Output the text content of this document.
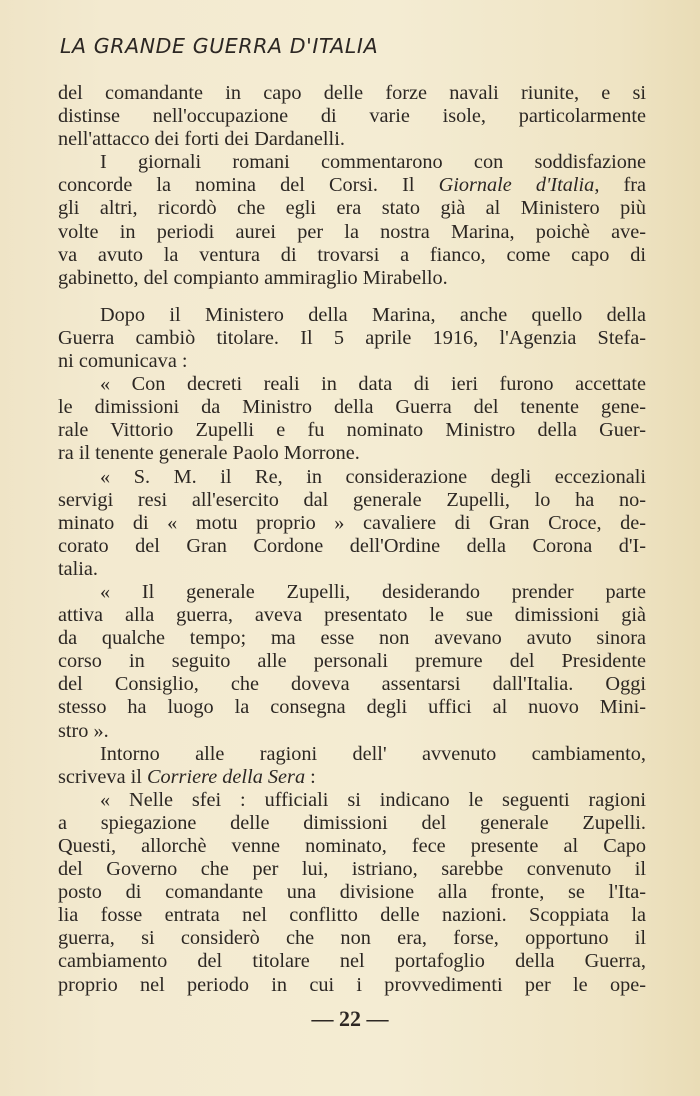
LA GRANDE GUERRA D'ITALIA
del comandante in capo delle forze navali riunite, e si
distinse nell'occupazione di varie isole, particolarmente
nell'attacco dei forti dei Dardanelli.
I giornali romani commentarono con soddisfazione
concorde la nomina del Corsi. Il Giornale d'Italia, fra
gli altri, ricordò che egli era stato già al Ministero più
volte in periodi aurei per la nostra Marina, poichè ave-
va avuto la ventura di trovarsi a fianco, come capo di
gabinetto, del compianto ammiraglio Mirabello.
Dopo il Ministero della Marina, anche quello della
Guerra cambiò titolare. Il 5 aprile 1916, l'Agenzia Stefa-
ni comunicava :
« Con decreti reali in data di ieri furono accettate
le dimissioni da Ministro della Guerra del tenente gene-
rale Vittorio Zupelli e fu nominato Ministro della Guer-
ra il tenente generale Paolo Morrone.
« S. M. il Re, in considerazione degli eccezionali
servigi resi all'esercito dal generale Zupelli, lo ha no-
minato di « motu proprio » cavaliere di Gran Croce, de-
corato del Gran Cordone dell'Ordine della Corona d'I-
talia.
« Il generale Zupelli, desiderando prender parte
attiva alla guerra, aveva presentato le sue dimissioni già
da qualche tempo; ma esse non avevano avuto sinora
corso in seguito alle personali premure del Presidente
del Consiglio, che doveva assentarsi dall'Italia. Oggi
stesso ha luogo la consegna degli uffici al nuovo Mini-
stro ».
Intorno alle ragioni dell' avvenuto cambiamento,
scriveva il Corriere della Sera :
« Nelle sfei : ufficiali si indicano le seguenti ragioni
a spiegazione delle dimissioni del generale Zupelli.
Questi, allorchè venne nominato, fece presente al Capo
del Governo che per lui, istriano, sarebbe convenuto il
posto di comandante una divisione alla fronte, se l'Ita-
lia fosse entrata nel conflitto delle nazioni. Scoppiata la
guerra, si considerò che non era, forse, opportuno il
cambiamento del titolare nel portafoglio della Guerra,
proprio nel periodo in cui i provvedimenti per le ope-
— 22 —
